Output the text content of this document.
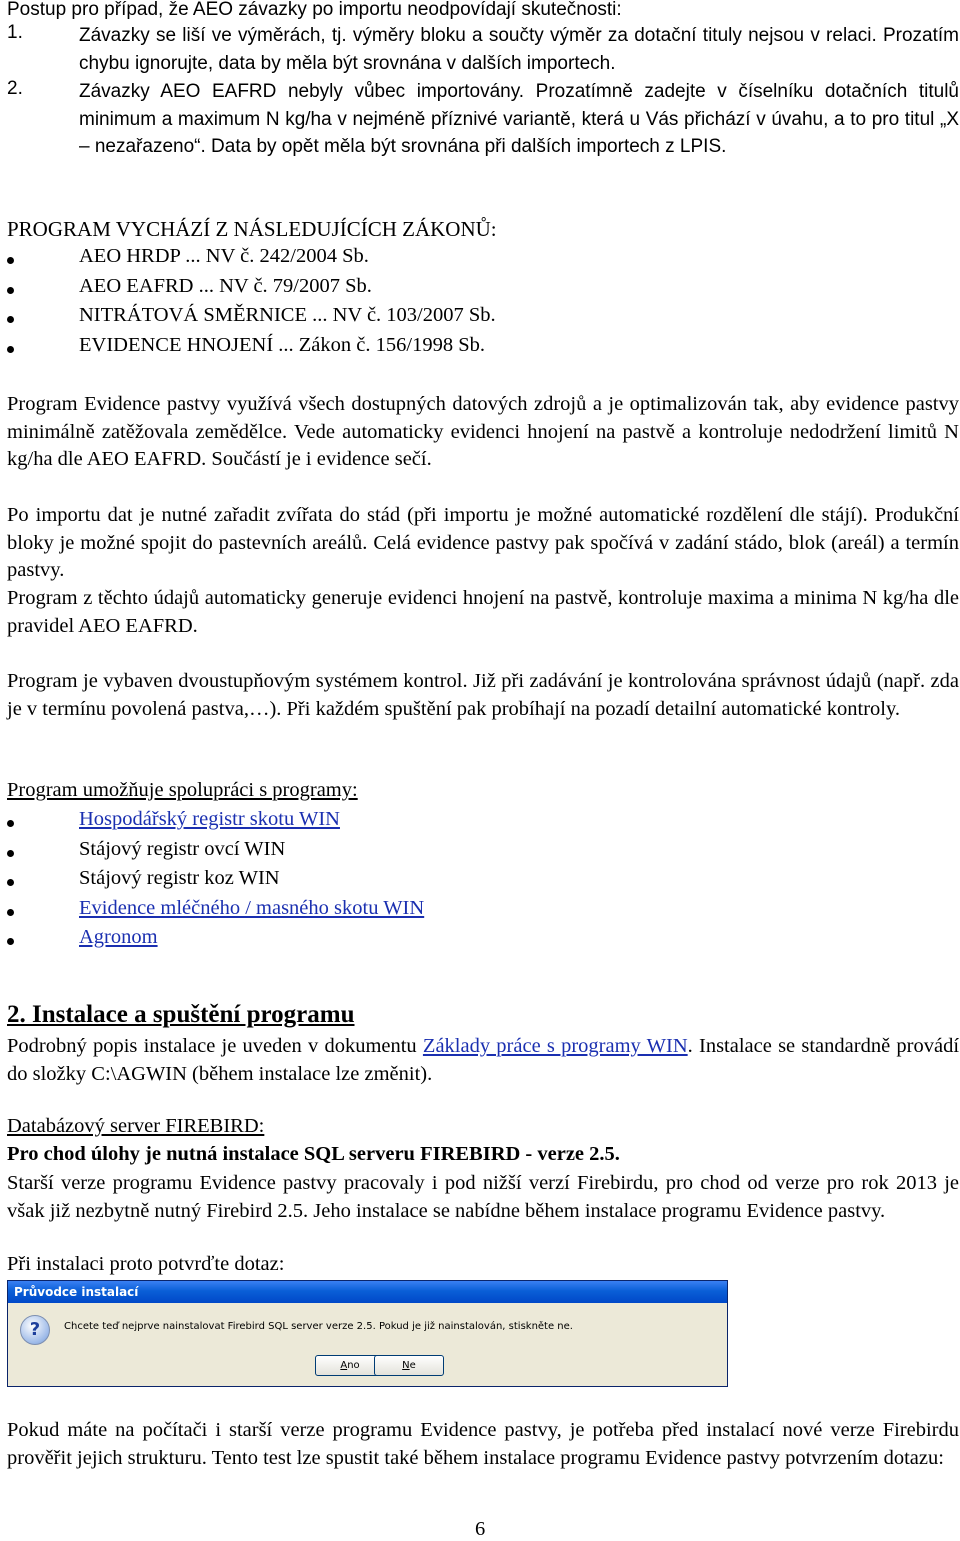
Postup pro případ, že AEO závazky po importu neodpovídají skutečnosti:
1.	Závazky se liší ve výměrách, tj. výměry bloku a součty výměr za dotační tituly nejsou v relaci. Prozatím chybu ignorujte, data by měla být srovnána v dalších importech.

2.	Závazky AEO EAFRD nebyly vůbec importovány. Prozatímně zadejte v číselníku dotačních titulů minimum a maximum N kg/ha v nejméně příznivé variantě, která u Vás přichází v úvahu, a to pro titul „X – nezařazeno“. Data by opět měla být srovnána při dalších importech z LPIS.

PROGRAM VYCHÁZÍ Z NÁSLEDUJÍCÍCH ZÁKONŮ:
AEO HRDP ... NV č. 242/2004 Sb.
AEO EAFRD ... NV č. 79/2007 Sb.
NITRÁTOVÁ SMĚRNICE ... NV č. 103/2007 Sb.
EVIDENCE HNOJENÍ ... Zákon č. 156/1998 Sb.

Program Evidence pastvy využívá všech dostupných datových zdrojů a je optimalizován tak, aby evidence pastvy minimálně zatěžovala zemědělce. Vede automaticky evidenci hnojení na pastvě a kontroluje nedodržení limitů N kg/ha dle AEO EAFRD. Součástí je i evidence sečí.

Po importu dat je nutné zařadit zvířata do stád (při importu je možné automatické rozdělení dle stájí). Produkční bloky je možné spojit do pastevních areálů. Celá evidence pastvy pak spočívá v zadání stádo, blok (areál) a termín pastvy.

Program z těchto údajů automaticky generuje evidenci hnojení na pastvě, kontroluje maxima a minima N kg/ha dle pravidel AEO EAFRD.

Program je vybaven dvoustupňovým systémem kontrol. Již při zadávání je kontrolována správnost údajů (např. zda je v termínu povolená pastva,…). Při každém spuštění pak probíhají na pozadí detailní automatické kontroly.

Program umožňuje spolupráci s programy:
Hospodářský registr skotu WIN
Stájový registr ovcí WIN
Stájový registr koz WIN
Evidence mléčného / masného skotu WIN
Agronom
2. Instalace a spuštění programu

Podrobný popis instalace je uveden v dokumentu Základy práce s programy WIN. Instalace se standardně provádí do složky C:\AGWIN (během instalace lze změnit).

Databázový server FIREBIRD:
Pro chod úlohy je nutná instalace SQL serveru FIREBIRD - verze 2.5.

Starší verze programu Evidence pastvy pracovaly i pod nižší verzí Firebirdu, pro chod od verze pro rok 2013 je však již nezbytně nutný Firebird 2.5. Jeho instalace se nabídne během instalace programu Evidence pastvy.

Při instalaci proto potvrďte dotaz:

Pokud máte na počítači i starší verze programu Evidence pastvy, je potřeba před instalací nové verze Firebirdu prověřit jejich strukturu. Tento test lze spustit také během instalace programu Evidence pastvy potvrzením dotazu:

Průvodce instalací
?	Chcete teď nejprve nainstalovat Firebird SQL server verze 2.5. Pokud je již nainstalován, stiskněte ne.
Ano	Ne
6
